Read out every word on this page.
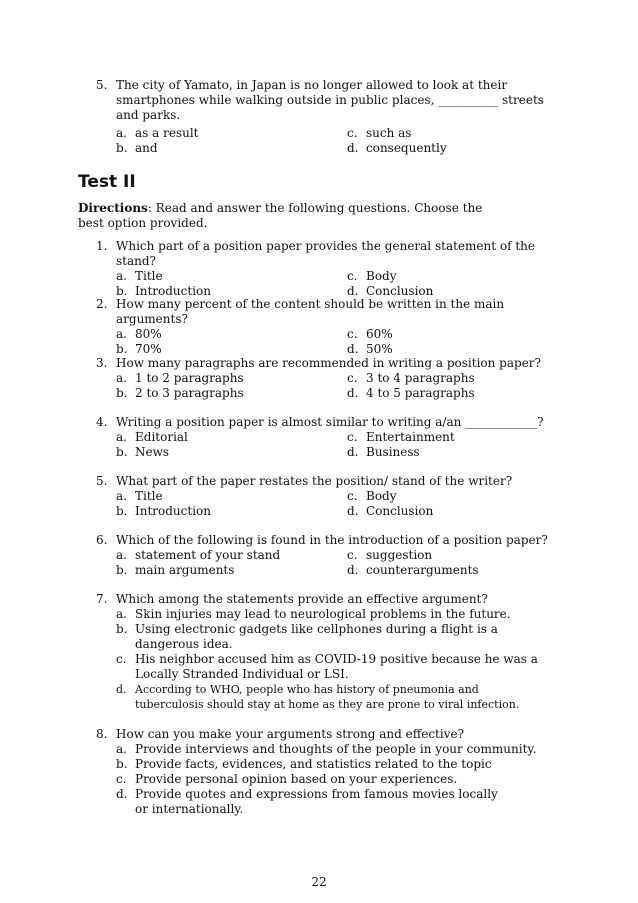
5. The city of Yamato, in Japan is no longer allowed to look at their smartphones while walking outside in public places, __________ streets and parks.
a. as a result
b. and
c. such as
d. consequently
Test II
Directions: Read and answer the following questions. Choose the best option provided.
1. Which part of a position paper provides the general statement of the stand?
a. Title
b. Introduction
c. Body
d. Conclusion
2. How many percent of the content should be written in the main arguments?
a. 80%
b. 70%
c. 60%
d. 50%
3. How many paragraphs are recommended in writing a position paper?
a. 1 to 2 paragraphs
b. 2 to 3 paragraphs
c. 3 to 4 paragraphs
d. 4 to 5 paragraphs
4. Writing a position paper is almost similar to writing a/an ____________?
a. Editorial
b. News
c. Entertainment
d. Business
5. What part of the paper restates the position/ stand of the writer?
a. Title
b. Introduction
c. Body
d. Conclusion
6. Which of the following is found in the introduction of a position paper?
a. statement of your stand
b. main arguments
c. suggestion
d. counterarguments
7. Which among the statements provide an effective argument?
a. Skin injuries may lead to neurological problems in the future.
b. Using electronic gadgets like cellphones during a flight is a dangerous idea.
c. His neighbor accused him as COVID-19 positive because he was a Locally Stranded Individual or LSI.
d. According to WHO, people who has history of pneumonia and tuberculosis should stay at home as they are prone to viral infection.
8. How can you make your arguments strong and effective?
a. Provide interviews and thoughts of the people in your community.
b. Provide facts, evidences, and statistics related to the topic
c. Provide personal opinion based on your experiences.
d. Provide quotes and expressions from famous movies locally or internationally.
22
